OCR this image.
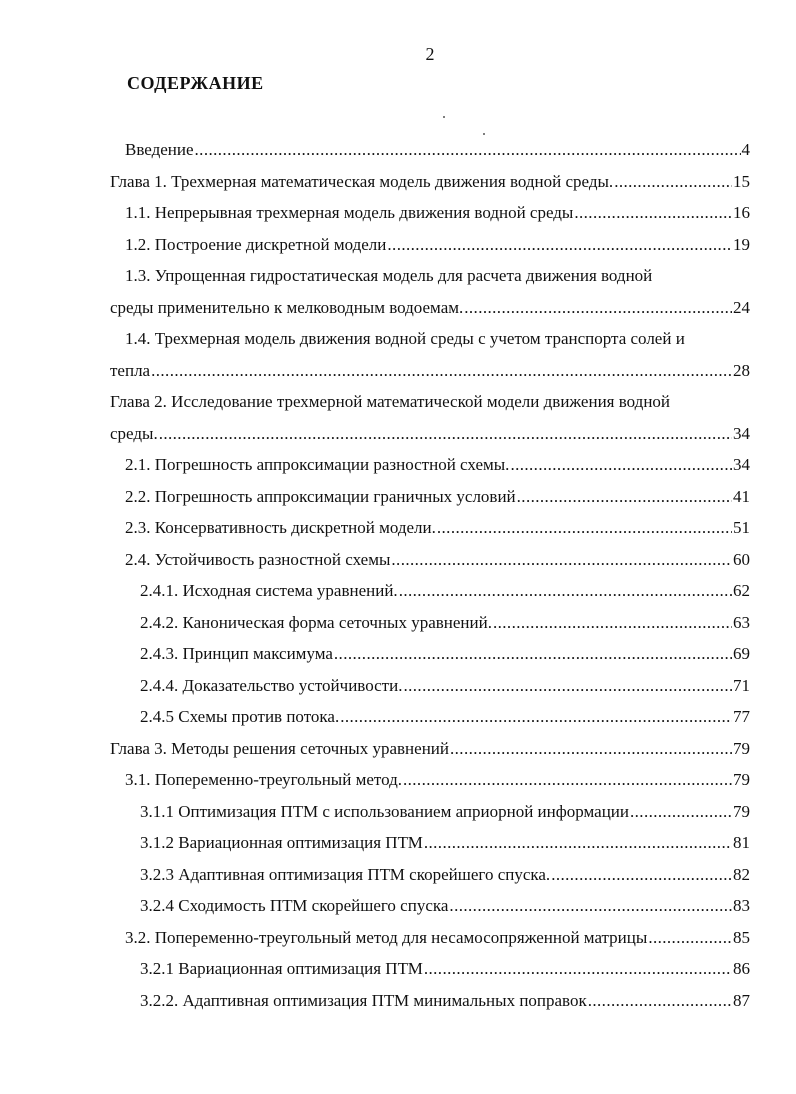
2
СОДЕРЖАНИЕ
Введение .....	4
Глава 1. Трехмерная математическая модель движения водной среды. .....	15
1.1. Непрерывная трехмерная модель движения водной среды .....	16
1.2. Построение дискретной модели .....	19
1.3. Упрощенная гидростатическая модель для расчета движения водной
среды применительно к мелководным водоемам. .....	24
1.4. Трехмерная модель движения водной среды с учетом транспорта солей и
тепла .....	28
Глава 2. Исследование трехмерной математической модели движения водной
среды. .....	34
2.1. Погрешность аппроксимации разностной схемы. .....	34
2.2. Погрешность аппроксимации граничных условий .....	41
2.3. Консервативность дискретной модели. .....	51
2.4. Устойчивость разностной схемы .....	60
2.4.1. Исходная система уравнений. .....	62
2.4.2. Каноническая форма сеточных уравнений. .....	63
2.4.3. Принцип максимума .....	69
2.4.4. Доказательство устойчивости. .....	71
2.4.5 Схемы против потока. .....	77
Глава 3. Методы решения сеточных уравнений .....	79
3.1. Попеременно-треугольный метод. .....	79
3.1.1 Оптимизация ПТМ с использованием априорной информации .....	79
3.1.2 Вариационная оптимизация ПТМ .....	81
3.2.3 Адаптивная оптимизация ПТМ скорейшего спуска. .....	82
3.2.4 Сходимость ПТМ скорейшего спуска .....	83
3.2. Попеременно-треугольный метод для несамосопряженной матрицы .....	85
3.2.1 Вариационная оптимизация ПТМ .....	86
3.2.2. Адаптивная оптимизация ПТМ минимальных поправок .....	87
